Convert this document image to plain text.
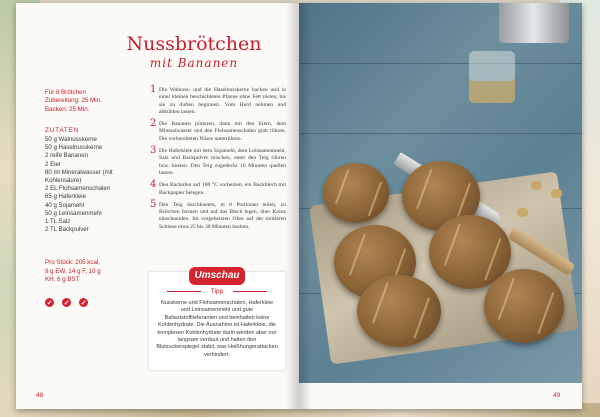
Nussbrötchen
mit Bananen
Für 8 Brötchen
Zubereitung: 25 Min.
Backen: 25 Min.
ZUTATEN
50 g Walnusskerne
50 g Haselnusskerne
2 reife Bananen
2 Eier
80 ml Mineralwasser (mit
Kohlensäure)
2 EL Flohsamenschalen
65 g Haferkleie
40 g Sojamehl
50 g Leinsamenmehl
1 TL Salz
2 TL Backpulver
Pro Stück: 205 kcal, 9 g EW, 14 g F, 10 g KH, 6 g BST

1 Die Walnuss- und die Haselnusskerne hacken und in einer kleinen beschichteten Pfanne ohne Fett rösten, bis sie zu duften beginnen. Vom Herd nehmen und abkühlen lassen.
2 Die Bananen pürieren, dann mit den Eiern, dem Mineralwasser und den Flohsamenschalen glatt rühren. Die vorbereiteten Nüsse unterrühren.
3 Die Haferkleie mit dem Sojamehl, dem Leinsamenmehl, Salz und Backpulver mischen, unter den Teig rühren bzw. kneten. Den Teig zugedeckt 10 Minuten quellen lassen.
4 Den Backofen auf 180 °C vorheizen, ein Backblech mit Backpapier belegen.
5 Den Teig durchkneten, in 8 Portionen teilen, zu Brötchen formen und auf das Blech legen, über Kreuz einschneiden. Im vorgeheizten Ofen auf der mittleren Schiene etwa 25 bis 30 Minuten backen.
Umschau
Tipp
Nusskerne und Flohsamenschalen, Haferkleie und Leinsamenmehl und gute Ballaststofflieferanten und beinhalten keine Kohlenhydrate. Die Ausnahme ist Haferkleie, die komplexen Kohlenhydrate darin werden aber nur langsam verdaut und halten den Blutzuckerspiegel stabil, was Heißhungerattacken verhindert.
48	49
